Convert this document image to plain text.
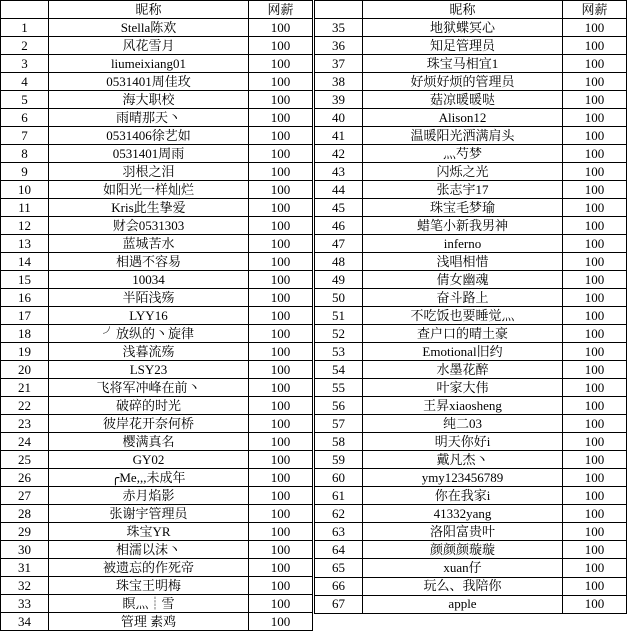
	昵称	网薪
1	Stella陈欢	100
2	风花雪月	100
3	liumeixiang01	100
4	0531401周佳玫	100
5	海大职校	100
6	雨晴那天丶	100
7	0531406徐艺如	100
8	0531401周雨	100
9	羽根之泪	100
10	如阳光一样灿烂	100
11	Kris此生挚爱	100
12	财会0531303	100
13	蓝城苦水	100
14	相遇不容易	100
15	10034	100
16	半陌浅殇	100
17	LYY16	100
18	╯放纵的丶旋律	100
19	浅暮流殇	100
20	LSY23	100
21	飞将军冲峰在前丶	100
22	破碎的时光	100
23	彼岸花开奈何桥	100
24	樱满真名	100
25	GY02	100
26	╭Me,,,未成年	100
27	赤月焰影	100
28	张谢宇管理员	100
29	珠宝YR	100
30	相濡以沫丶	100
31	被遗忘的作死帝	100
32	珠宝王明梅	100
33	瞑灬┊雪	100
34	管理 素鸡	100
	昵称	网薪
35	地狱蝶冥心	100
36	知足管理员	100
37	珠宝马相宜1	100
38	好烦好烦的管理员	100
39	菇凉暖暖哒	100
40	Alison12	100
41	温暖阳光洒满肩头	100
42	灬芍梦	100
43	闪烁之光	100
44	张志宇17	100
45	珠宝毛梦瑜	100
46	蜡笔小新我男神	100
47	inferno	100
48	浅唱相惜	100
49	倩女幽魂	100
50	奋斗路上	100
51	不吃饭也要睡觉灬	100
52	查户口的晴土豪	100
53	Emotional旧约	100
54	水墨花醉	100
55	叶家大伟	100
56	王昇xiaosheng	100
57	纯二03	100
58	明天你好i	100
59	戴凡杰丶	100
60	ymy123456789	100
61	你在我家i	100
62	41332yang	100
63	洛阳富贵叶	100
64	颜颜颜璇璇	100
65	xuan仔	100
66	玩么、我陪你	100
67	apple	100
